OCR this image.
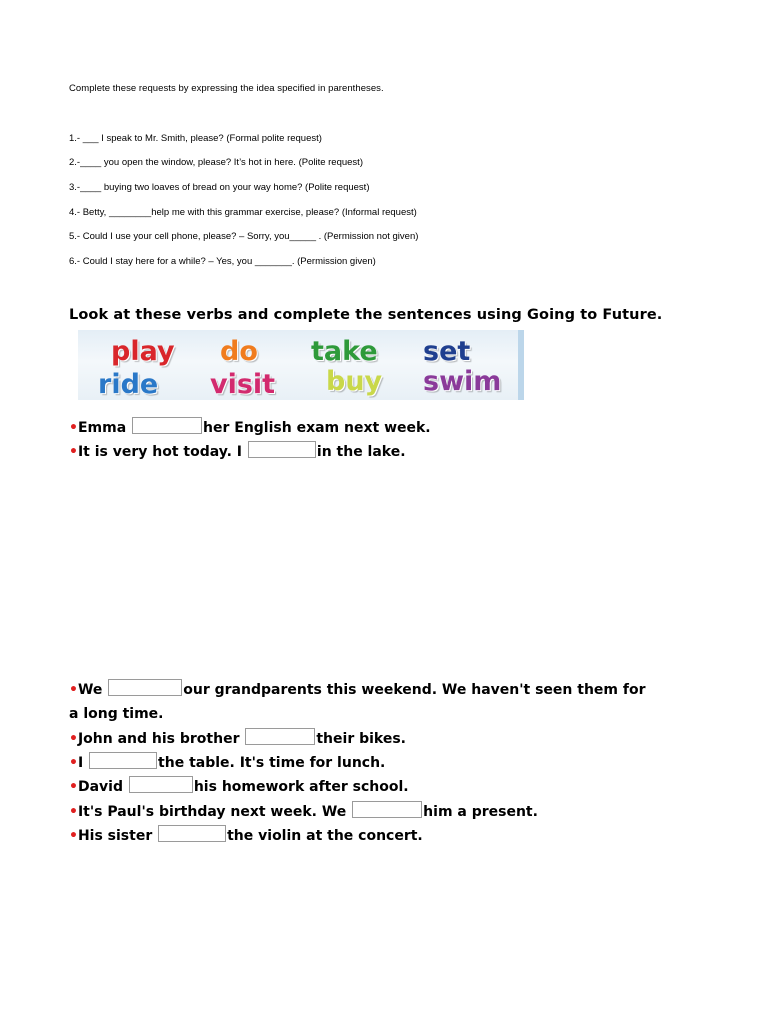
Complete these requests by expressing the idea specified in parentheses.
1.- ___ I speak to Mr. Smith, please? (Formal polite request)
2.-____ you open the window, please? It’s hot in here. (Polite request)
3.-____ buying two loaves of bread on your way home? (Polite request)
4.- Betty, ________help me with this grammar exercise, please? (Informal request)
5.- Could I use your cell phone, please? – Sorry, you_____ . (Permission not given)
6.- Could I stay here for a while? – Yes, you _______. (Permission given)
Look at these verbs and complete the sentences using Going to Future.
play do take set
ride visit buy swim
•Emma	her English exam next week.
•It is very hot today. I	in the lake.
•We	our grandparents this weekend. We haven't seen them for
a long time.
•John and his brother	their bikes.
•I	the table. It's time for lunch.
•David	his homework after school.
•It's Paul's birthday next week. We	him a present.
•His sister	the violin at the concert.
